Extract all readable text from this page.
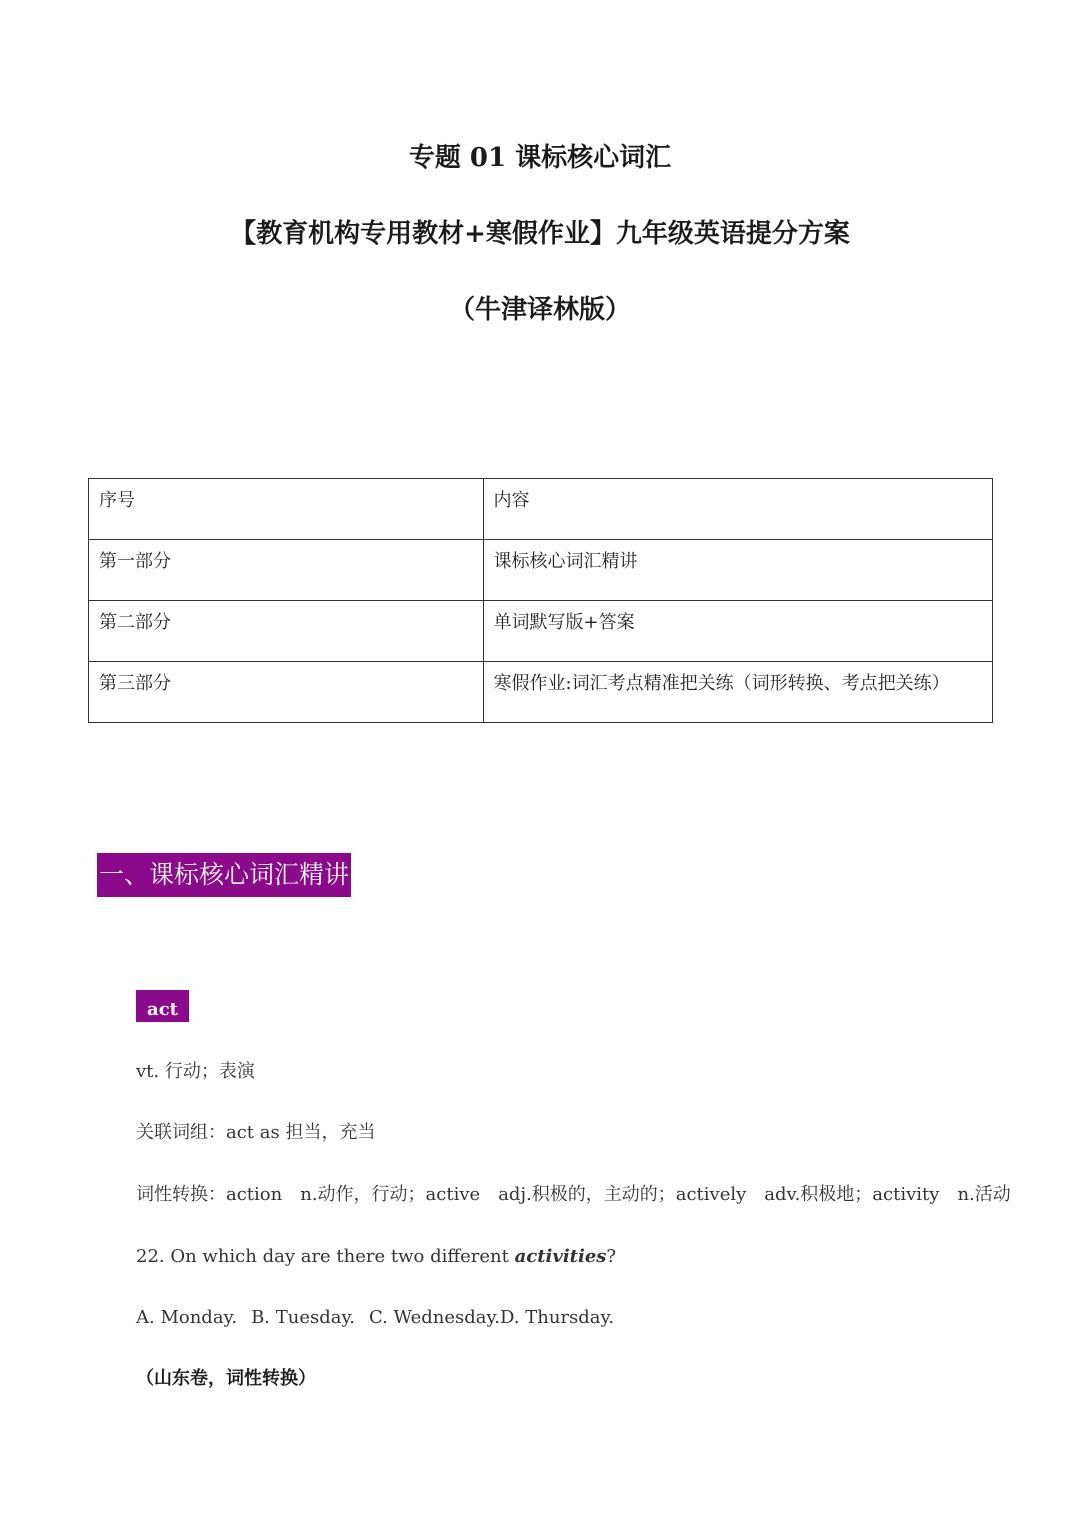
专题 01 课标核心词汇
【教育机构专用教材+寒假作业】九年级英语提分方案
（牛津译林版）
序号	内容
第一部分	课标核心词汇精讲
第二部分	单词默写版+答案
第三部分	寒假作业:词汇考点精准把关练（词形转换、考点把关练）
一、课标核心词汇精讲
act
vt. 行动；表演
关联词组：act as 担当，充当
词性转换：action n.动作，行动；active adj.积极的，主动的；actively adv.积极地；activity n.活动
22. On which day are there two different activities?
A. Monday. B. Tuesday. C. Wednesday.D. Thursday.
（山东卷，词性转换）
